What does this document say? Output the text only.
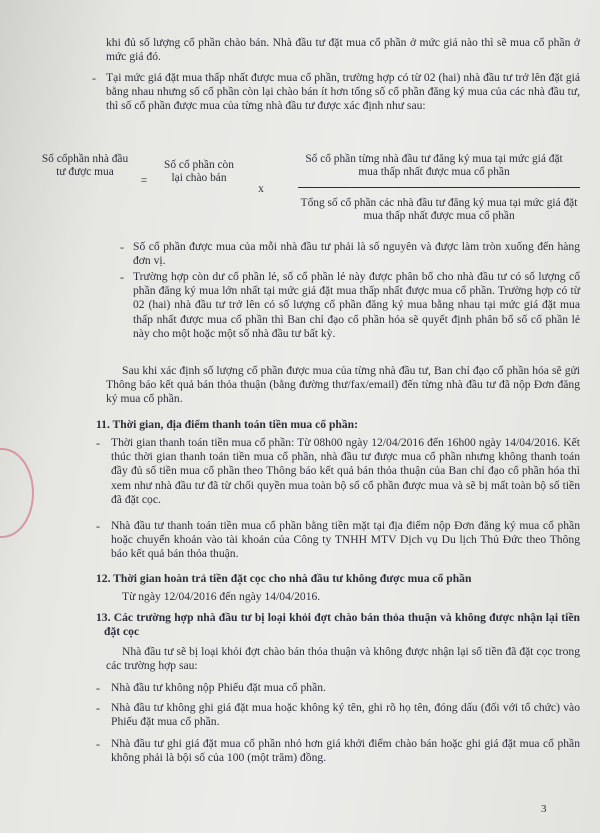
khi đủ số lượng cổ phần chào bán. Nhà đầu tư đặt mua cổ phần ở mức giá nào thì sẽ mua cổ phần ở mức giá đó.
- Tại mức giá đặt mua thấp nhất được mua cổ phần, trường hợp có từ 02 (hai) nhà đầu tư trở lên đặt giá bằng nhau nhưng số cổ phần còn lại chào bán ít hơn tổng số cổ phần đăng ký mua của các nhà đầu tư, thì số cổ phần được mua của từng nhà đầu tư được xác định như sau:
Số cổphần nhà đầu tư được mua
=
Số cổ phần còn lại chào bán
x
Số cổ phần từng nhà đầu tư đăng ký mua tại mức giá đặt mua thấp nhất được mua cổ phần
Tổng số cổ phần các nhà đầu tư đăng ký mua tại mức giá đặt mua thấp nhất được mua cổ phần
- Số cổ phần được mua của mỗi nhà đầu tư phải là số nguyên và được làm tròn xuống đến hàng đơn vị.
- Trường hợp còn dư cổ phần lẻ, số cổ phần lẻ này được phân bổ cho nhà đầu tư có số lượng cổ phần đăng ký mua lớn nhất tại mức giá đặt mua thấp nhất được mua cổ phần. Trường hợp có từ 02 (hai) nhà đầu tư trở lên có số lượng cổ phần đăng ký mua bằng nhau tại mức giá đặt mua thấp nhất được mua cổ phần thì Ban chỉ đạo cổ phần hóa sẽ quyết định phân bổ số cổ phần lẻ này cho một hoặc một số nhà đầu tư bất kỳ.
Sau khi xác định số lượng cổ phần được mua của từng nhà đầu tư, Ban chỉ đạo cổ phần hóa sẽ gửi Thông báo kết quả bán thỏa thuận (bằng đường thư/fax/email) đến từng nhà đầu tư đã nộp Đơn đăng ký mua cổ phần.
11. Thời gian, địa điểm thanh toán tiền mua cổ phần:
- Thời gian thanh toán tiền mua cổ phần: Từ 08h00 ngày 12/04/2016 đến 16h00 ngày 14/04/2016. Kết thúc thời gian thanh toán tiền mua cổ phần, nhà đầu tư được mua cổ phần nhưng không thanh toán đầy đủ số tiền mua cổ phần theo Thông báo kết quả bán thỏa thuận của Ban chỉ đạo cổ phần hóa thì xem như nhà đầu tư đã từ chối quyền mua toàn bộ số cổ phần được mua và sẽ bị mất toàn bộ số tiền đã đặt cọc.
- Nhà đầu tư thanh toán tiền mua cổ phần bằng tiền mặt tại địa điểm nộp Đơn đăng ký mua cổ phần hoặc chuyển khoản vào tài khoản của Công ty TNHH MTV Dịch vụ Du lịch Thủ Đức theo Thông báo kết quả bán thỏa thuận.
12. Thời gian hoàn trả tiền đặt cọc cho nhà đầu tư không được mua cổ phần
Từ ngày 12/04/2016 đến ngày 14/04/2016.
13. Các trường hợp nhà đầu tư bị loại khỏi đợt chào bán thỏa thuận và không được nhận lại tiền đặt cọc
Nhà đầu tư sẽ bị loại khỏi đợt chào bán thỏa thuận và không được nhận lại số tiền đã đặt cọc trong các trường hợp sau:
- Nhà đầu tư không nộp Phiếu đặt mua cổ phần.
- Nhà đầu tư không ghi giá đặt mua hoặc không ký tên, ghi rõ họ tên, đóng dấu (đối với tổ chức) vào Phiếu đặt mua cổ phần.
- Nhà đầu tư ghi giá đặt mua cổ phần nhỏ hơn giá khởi điểm chào bán hoặc ghi giá đặt mua cổ phần không phải là bội số của 100 (một trăm) đồng.
3
